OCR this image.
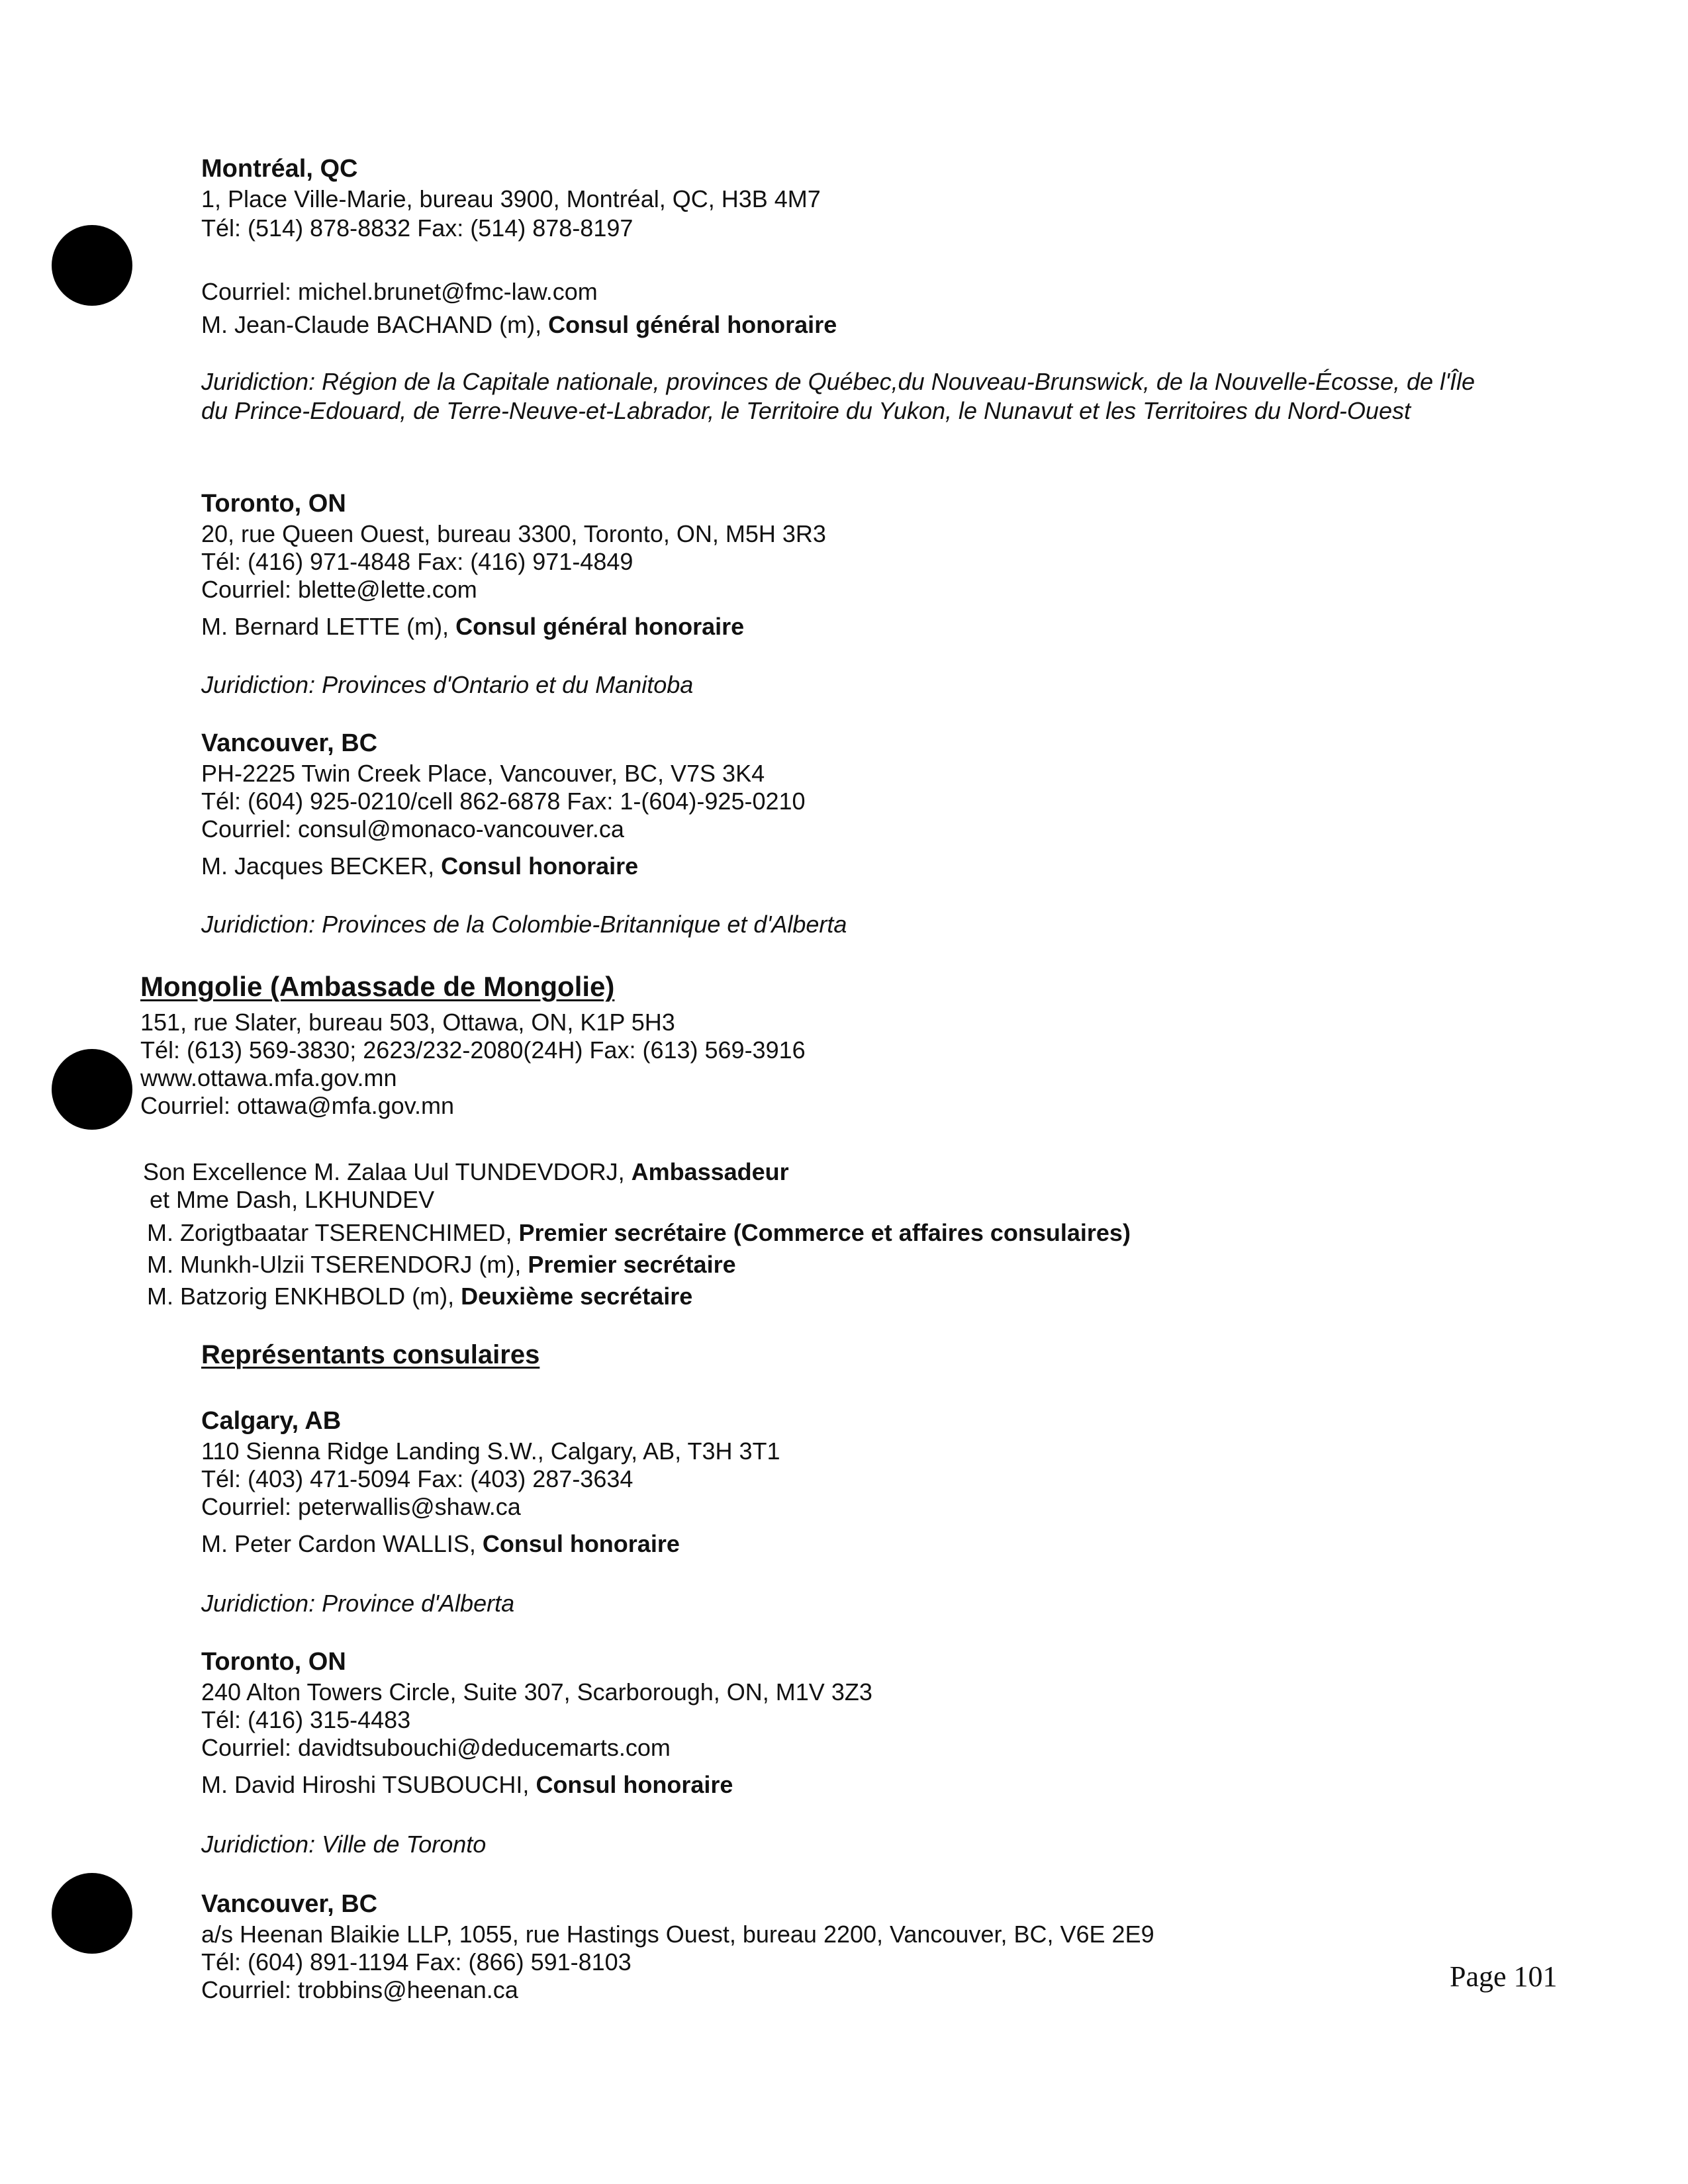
Montréal, QC
1, Place Ville-Marie, bureau 3900, Montréal, QC, H3B 4M7
Tél: (514) 878-8832 Fax: (514) 878-8197
Courriel: michel.brunet@fmc-law.com
M. Jean-Claude BACHAND (m), Consul général honoraire
Juridiction: Région de la Capitale nationale, provinces de Québec,du Nouveau-Brunswick, de la Nouvelle-Écosse, de l'Île
du Prince-Edouard, de Terre-Neuve-et-Labrador, le Territoire du Yukon, le Nunavut et les Territoires du Nord-Ouest
Toronto, ON
20, rue Queen Ouest, bureau 3300, Toronto, ON, M5H 3R3
Tél: (416) 971-4848 Fax: (416) 971-4849
Courriel: blette@lette.com
M. Bernard LETTE (m), Consul général honoraire
Juridiction: Provinces d'Ontario et du Manitoba
Vancouver, BC
PH-2225 Twin Creek Place, Vancouver, BC, V7S 3K4
Tél: (604) 925-0210/cell 862-6878 Fax: 1-(604)-925-0210
Courriel: consul@monaco-vancouver.ca
M. Jacques BECKER, Consul honoraire
Juridiction: Provinces de la Colombie-Britannique et d'Alberta
Mongolie (Ambassade de Mongolie)
151, rue Slater, bureau 503, Ottawa, ON, K1P 5H3
Tél: (613) 569-3830; 2623/232-2080(24H) Fax: (613) 569-3916
www.ottawa.mfa.gov.mn
Courriel: ottawa@mfa.gov.mn
Son Excellence M. Zalaa Uul TUNDEVDORJ, Ambassadeur
et Mme Dash, LKHUNDEV
M. Zorigtbaatar TSERENCHIMED, Premier secrétaire (Commerce et affaires consulaires)
M. Munkh-Ulzii TSERENDORJ (m), Premier secrétaire
M. Batzorig ENKHBOLD (m), Deuxième secrétaire
Représentants consulaires
Calgary, AB
110 Sienna Ridge Landing S.W., Calgary, AB, T3H 3T1
Tél: (403) 471-5094 Fax: (403) 287-3634
Courriel: peterwallis@shaw.ca
M. Peter Cardon WALLIS, Consul honoraire
Juridiction: Province d'Alberta
Toronto, ON
240 Alton Towers Circle, Suite 307, Scarborough, ON, M1V 3Z3
Tél: (416) 315-4483
Courriel: davidtsubouchi@deducemarts.com
M. David Hiroshi TSUBOUCHI, Consul honoraire
Juridiction: Ville de Toronto
Vancouver, BC
a/s Heenan Blaikie LLP, 1055, rue Hastings Ouest, bureau 2200, Vancouver, BC, V6E 2E9
Tél: (604) 891-1194 Fax: (866) 591-8103
Courriel: trobbins@heenan.ca	Page 101
